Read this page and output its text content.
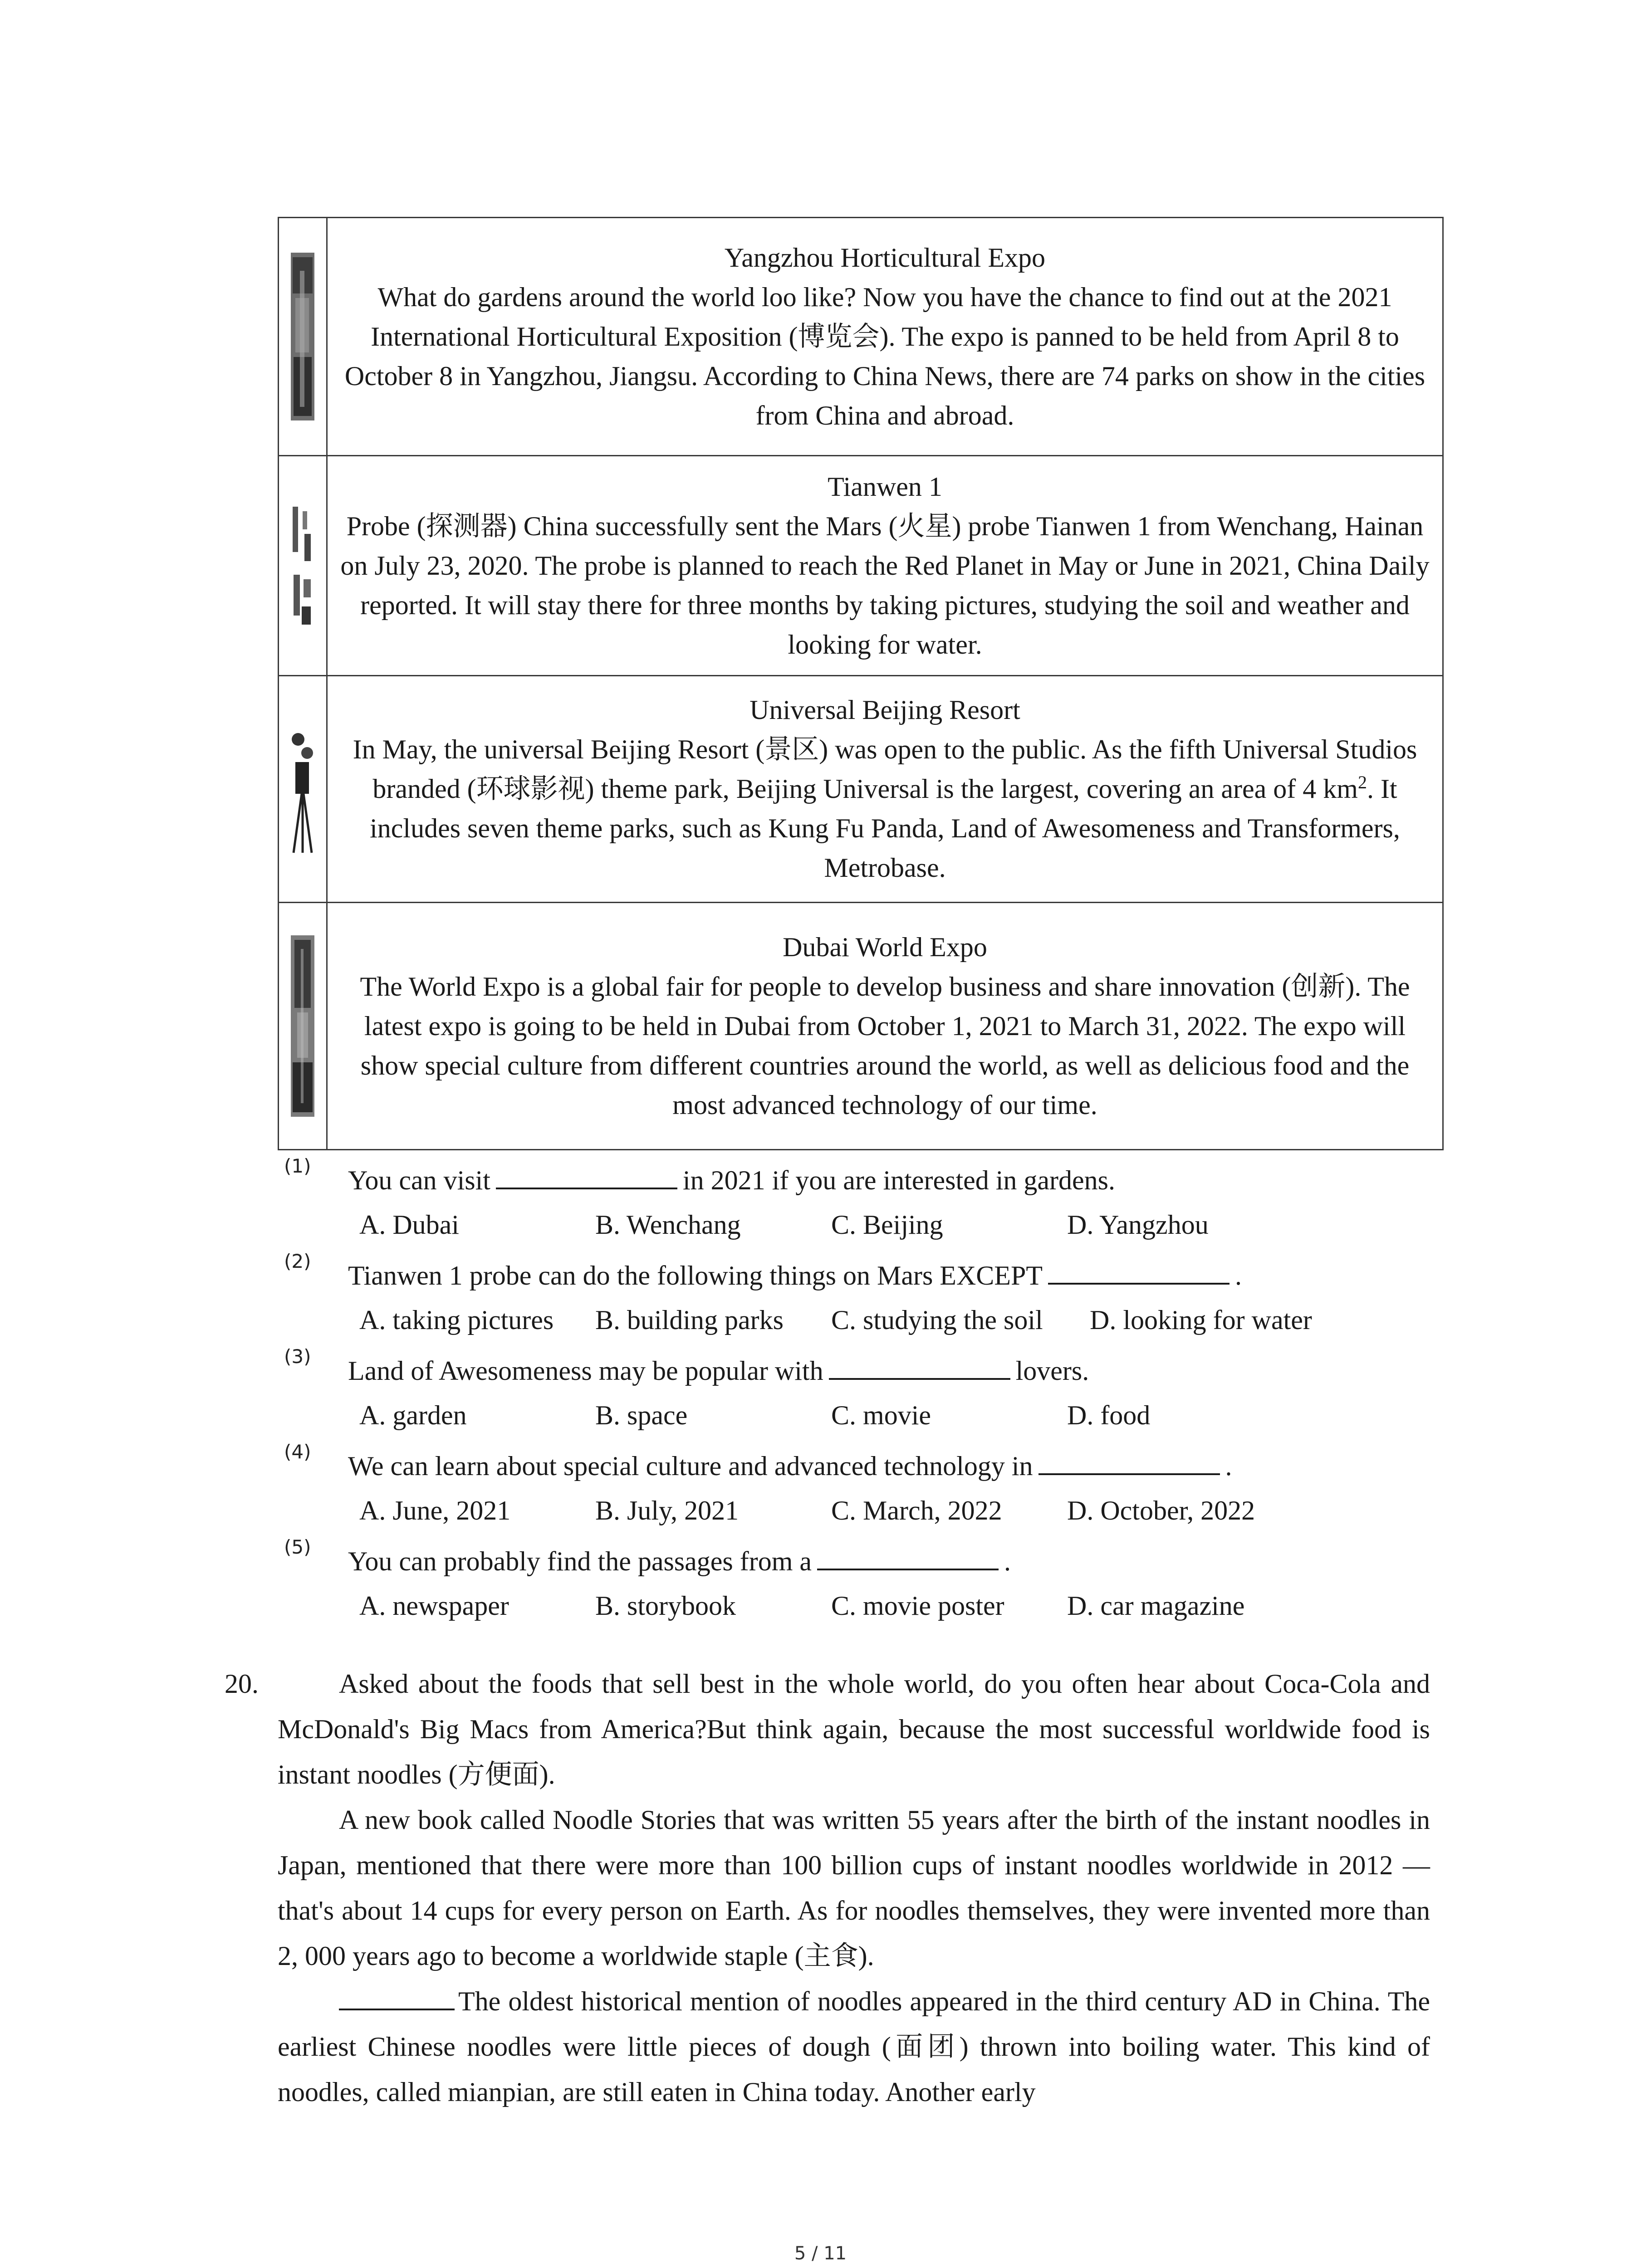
Yangzhou Horticultural Expo
What do gardens around the world loo like? Now you have the chance to find out at the 2021 International Horticultural Exposition (博览会). The expo is panned to be held from April 8 to October 8 in Yangzhou, Jiangsu. According to China News, there are 74 parks on show in the cities from China and abroad.

Tianwen 1
Probe (探测器) China successfully sent the Mars (火星) probe Tianwen 1 from Wenchang, Hainan on July 23, 2020. The probe is planned to reach the Red Planet in May or June in 2021, China Daily reported. It will stay there for three months by taking pictures, studying the soil and weather and looking for water.

Universal Beijing Resort
In May, the universal Beijing Resort (景区) was open to the public. As the fifth Universal Studios branded (环球影视) theme park, Beijing Universal is the largest, covering an area of 4 $km^2$. It includes seven theme parks, such as Kung Fu Panda, Land of Awesomeness and Transformers, Metrobase.

Dubai World Expo
The World Expo is a global fair for people to develop business and share innovation (创新). The latest expo is going to be held in Dubai from October 1, 2021 to March 31, 2022. The expo will show special culture from different countries around the world, as well as delicious food and the most advanced technology of our time.
(1) You can visit	in 2021 if you are interested in gardens.
A. Dubai	B. Wenchang	C. Beijing	D. Yangzhou
(2) Tianwen 1 probe can do the following things on Mars EXCEPT	.
A. taking pictures B. building parks C. studying the soil D. looking for water
(3) Land of Awesomeness may be popular with	lovers.
A. garden	B. space	C. movie	D. food
(4) We can learn about special culture and advanced technology in	.
A. June, 2021	B. July, 2021	C. March, 2022 D. October, 2022
(5) You can probably find the passages from a	.
A. newspaper	B. storybook	C. movie poster D. car magazine
20.	Asked about the foods that sell best in the whole world, do you often hear about Coca-Cola and McDonald's Big Macs from America?But think again, because the most successful worldwide food is instant noodles (方便面).
A new book called Noodle Stories that was written 55 years after the birth of the instant noodles in Japan, mentioned that there were more than 100 billion cups of instant noodles worldwide in 2012 — that's about 14 cups for every person on Earth. As for noodles themselves, they were invented more than 2, 000 years ago to become a worldwide staple (主食).
The oldest historical mention of noodles appeared in the third century AD in China. The earliest Chinese noodles were little pieces of dough (面团) thrown into boiling water. This kind of noodles, called mianpian, are still eaten in China today. Another early
5 / 11
